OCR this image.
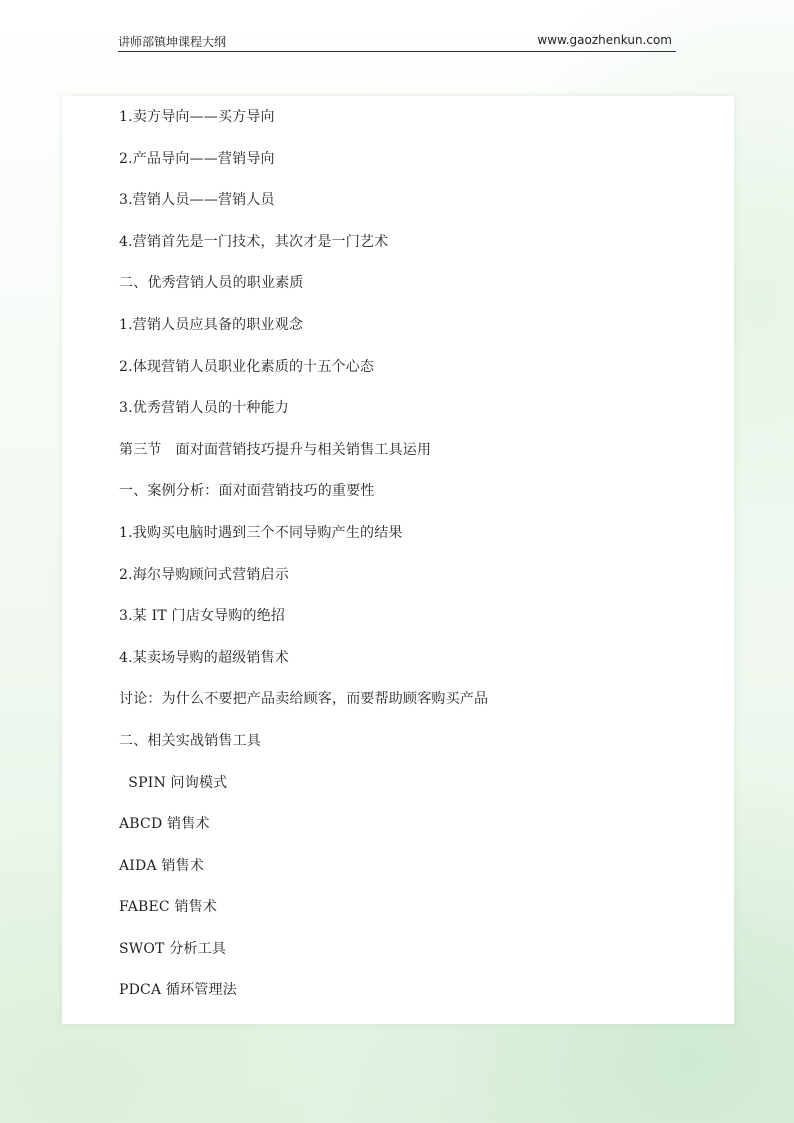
讲师部镇坤课程大纲	www.gaozhenkun.com
1.卖方导向——买方导向
2.产品导向——营销导向
3.营销人员——营销人员
4.营销首先是一门技术，其次才是一门艺术
二、优秀营销人员的职业素质
1.营销人员应具备的职业观念
2.体现营销人员职业化素质的十五个心态
3.优秀营销人员的十种能力
第三节   面对面营销技巧提升与相关销售工具运用
一、案例分析：面对面营销技巧的重要性
1.我购买电脑时遇到三个不同导购产生的结果
2.海尔导购顾问式营销启示
3.某 IT 门店女导购的绝招
4.某卖场导购的超级销售术
讨论：为什么不要把产品卖给顾客，而要帮助顾客购买产品
二、相关实战销售工具
SPIN 问询模式
ABCD 销售术
AIDA 销售术
FABEC 销售术
SWOT 分析工具
PDCA 循环管理法
